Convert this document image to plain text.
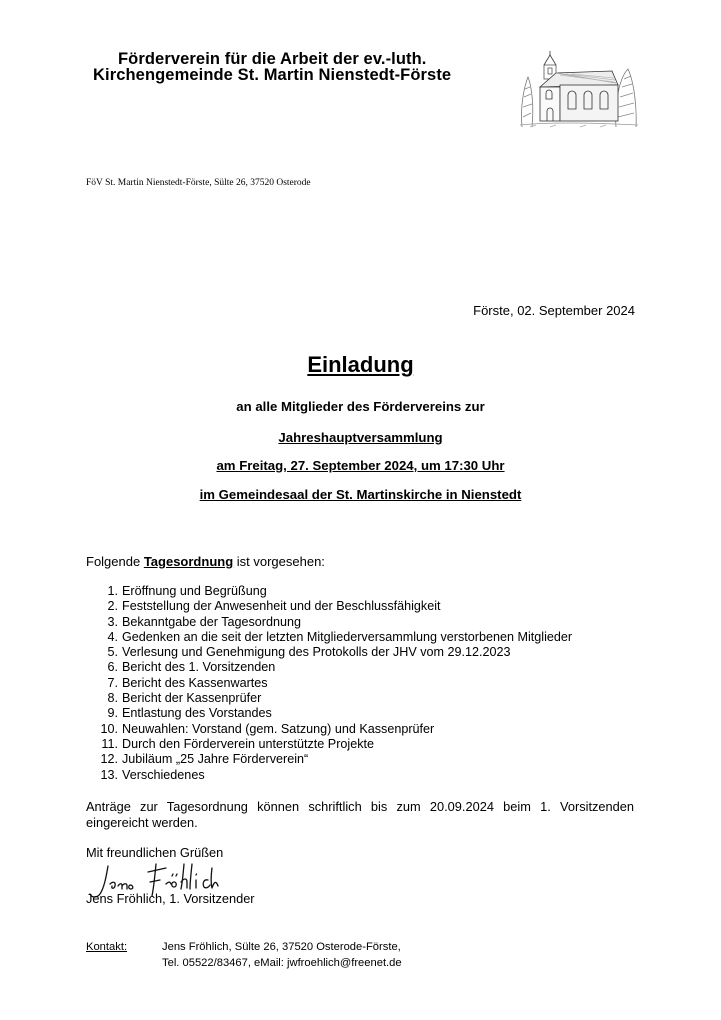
Förderverein für die Arbeit der ev.-luth.
Kirchengemeinde St. Martin Nienstedt-Förste
FöV St. Martin Nienstedt-Förste, Sülte 26, 37520 Osterode
Förste, 02. September 2024
Einladung
an alle Mitglieder des Fördervereins zur
Jahreshauptversammlung
am Freitag, 27. September 2024, um 17:30 Uhr
im Gemeindesaal der St. Martinskirche in Nienstedt
Folgende Tagesordnung ist vorgesehen:
1. Eröffnung und Begrüßung
2. Feststellung der Anwesenheit und der Beschlussfähigkeit
3. Bekanntgabe der Tagesordnung
4. Gedenken an die seit der letzten Mitgliederversammlung verstorbenen Mitglieder
5. Verlesung und Genehmigung des Protokolls der JHV vom 29.12.2023
6. Bericht des 1. Vorsitzenden
7. Bericht des Kassenwartes
8. Bericht der Kassenprüfer
9. Entlastung des Vorstandes
10. Neuwahlen: Vorstand (gem. Satzung) und Kassenprüfer
11. Durch den Förderverein unterstützte Projekte
12. Jubiläum „25 Jahre Förderverein“
13. Verschiedenes
Anträge zur Tagesordnung können schriftlich bis zum 20.09.2024 beim 1. Vorsitzenden eingereicht werden.
Mit freundlichen Grüßen
Jens Fröhlich, 1. Vorsitzender
Kontakt:	Jens Fröhlich, Sülte 26, 37520 Osterode-Förste,
Tel. 05522/83467, eMail: jwfroehlich@freenet.de
